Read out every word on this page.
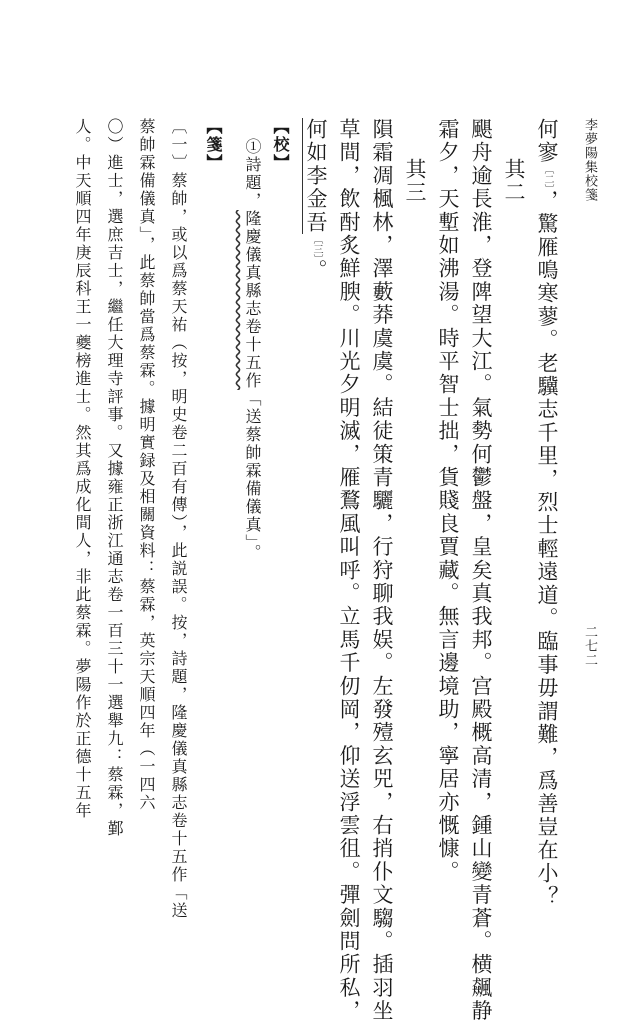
李夢陽集校箋
二七二
何寥〔二〕，驚雁鳴寒蓼。老驥志千里，烈士輕遠道。臨事毋謂難，爲善豈在小？
其二
颶舟逾長淮，登陴望大江。氣勢何鬱盤，皇矣真我邦。宫殿概高清，鍾山變青蒼。横飆静
霜夕，天塹如沸湯。時平智士拙，貨賤良賈藏。無言邊境助，寧居亦慨慷。
其三
隕霜凋楓林，澤藪莽虞虞。結徒策青驪，行狩聊我娱。左發殪玄兕，右捎仆文騶。插羽坐
草間，飲酎炙鮮腴。川光夕明滅，雁鶩風叫呼。立馬千仞岡，仰送浮雲徂。彈劍問所私，
何如李金吾〔三〕。
【校】
①詩題，隆慶儀真縣志卷十五作「送蔡帥霖備儀真」。
【箋】
〔一〕蔡帥，或以爲蔡天祐（按，明史卷二百有傳），此説誤。按，詩題，隆慶儀真縣志卷十五作「送
蔡帥霖備儀真」，此蔡帥當爲蔡霖。據明實録及相關資料：蔡霖，英宗天順四年（一四六
〇）進士，選庶吉士，繼任大理寺評事。又據雍正浙江通志卷一百三十一選舉九：蔡霖，鄞
人。中天順四年庚辰科王一夔榜進士。然其爲成化間人，非此蔡霖。夢陽作於正德十五年
